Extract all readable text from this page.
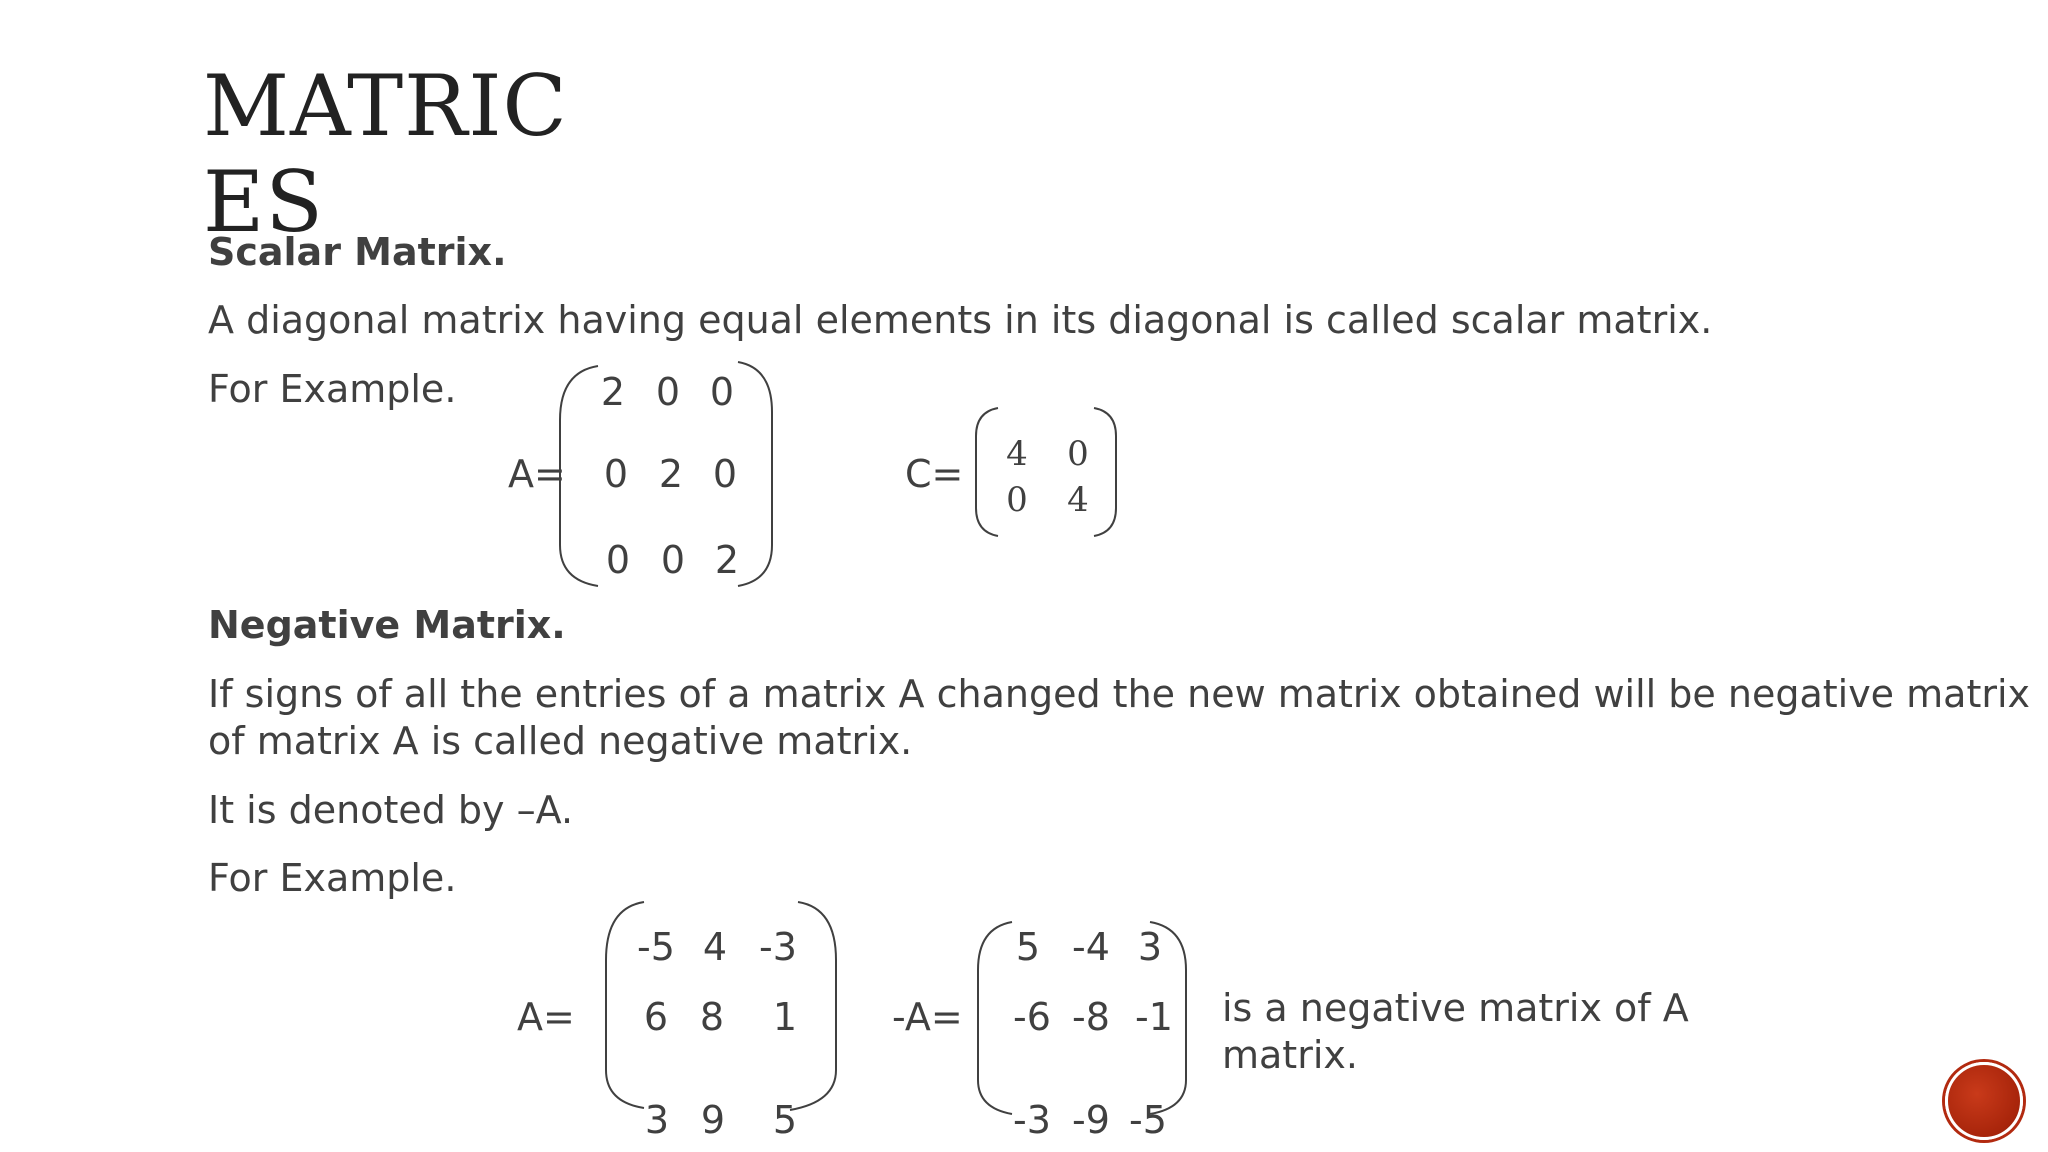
MATRICES
Scalar Matrix.
A diagonal matrix having equal elements in its diagonal is called scalar matrix.
For Example.
A=
2 0 0
0 2 0
0 0 2
C= 4 0
0 4
Negative Matrix.
If signs of all the entries of a matrix A changed the new matrix obtained will be negative matrix of matrix A is called negative matrix.
It is denoted by –A.
For Example.
A=
-5 4 -3
6 8	1
3 9	5
-A=
5 -4 3
-6 -8 -1
-3 -9 -5
is a negative matrix of A matrix.
